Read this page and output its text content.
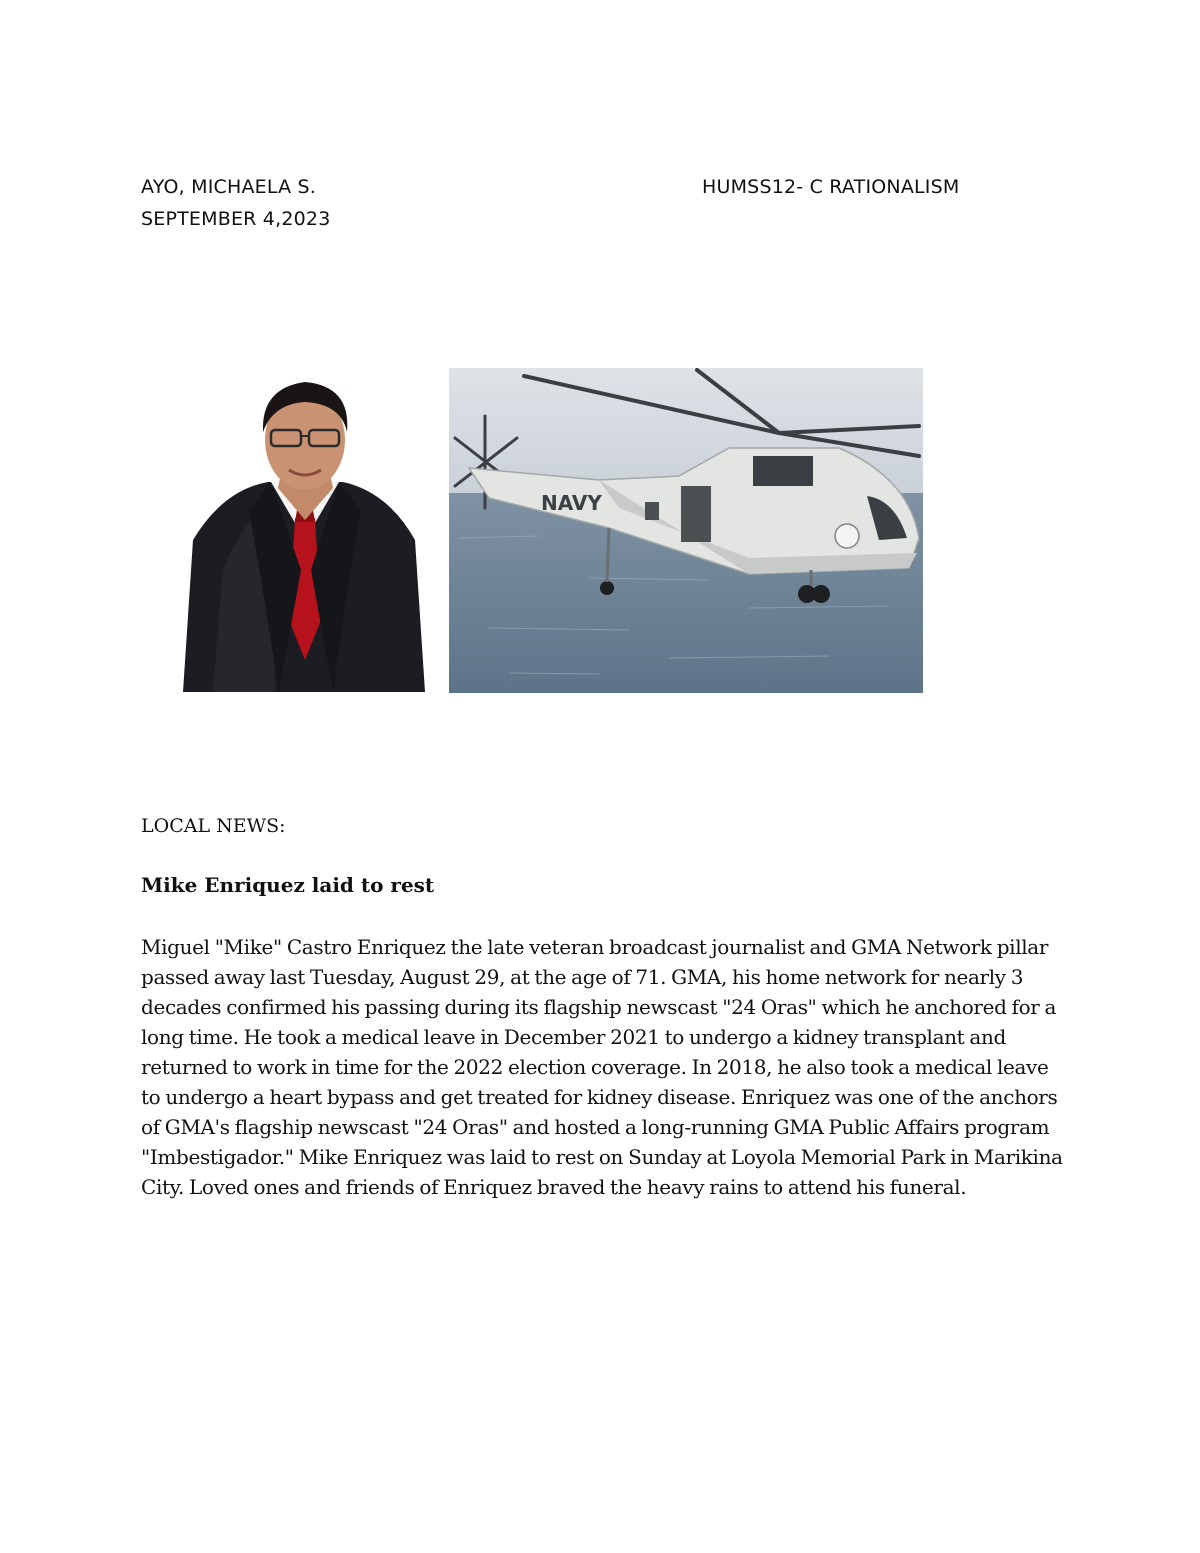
AYO, MICHAELA S.
SEPTEMBER 4,2023
HUMSS12- C RATIONALISM
NAVY
LOCAL NEWS:
Mike Enriquez laid to rest

Miguel "Mike" Castro Enriquez the late veteran broadcast journalist and GMA Network pillar passed away last Tuesday, August 29, at the age of 71. GMA, his home network for nearly 3 decades confirmed his passing during its flagship newscast "24 Oras" which he anchored for a long time. He took a medical leave in December 2021 to undergo a kidney transplant and returned to work in time for the 2022 election coverage. In 2018, he also took a medical leave to undergo a heart bypass and get treated for kidney disease. Enriquez was one of the anchors of GMA's flagship newscast "24 Oras" and hosted a long-running GMA Public Affairs program "Imbestigador." Mike Enriquez was laid to rest on Sunday at Loyola Memorial Park in Marikina City. Loved ones and friends of Enriquez braved the heavy rains to attend his funeral.
